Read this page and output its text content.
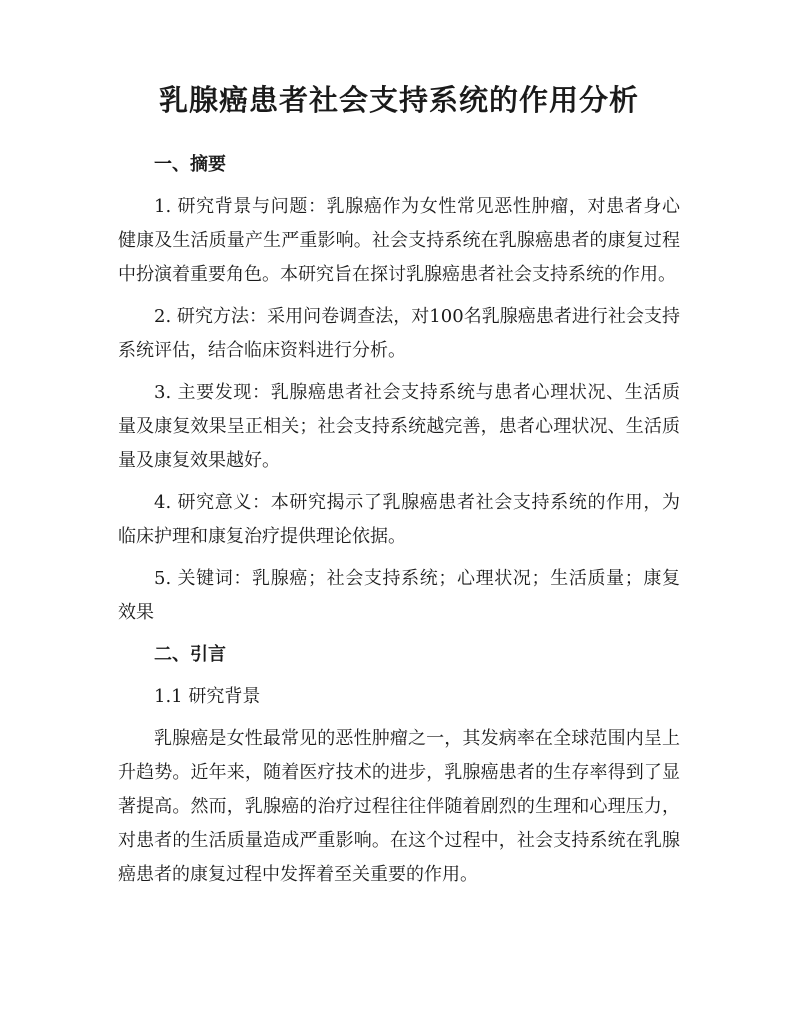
乳腺癌患者社会支持系统的作用分析
一、摘要

1. 研究背景与问题：乳腺癌作为女性常见恶性肿瘤，对患者身心健康及生活质量产生严重影响。社会支持系统在乳腺癌患者的康复过程中扮演着重要角色。本研究旨在探讨乳腺癌患者社会支持系统的作用。

2. 研究方法：采用问卷调查法，对100名乳腺癌患者进行社会支持系统评估，结合临床资料进行分析。

3. 主要发现：乳腺癌患者社会支持系统与患者心理状况、生活质量及康复效果呈正相关；社会支持系统越完善，患者心理状况、生活质量及康复效果越好。

4. 研究意义：本研究揭示了乳腺癌患者社会支持系统的作用，为临床护理和康复治疗提供理论依据。

5. 关键词：乳腺癌；社会支持系统；心理状况；生活质量；康复效果

二、引言
1.1 研究背景

乳腺癌是女性最常见的恶性肿瘤之一，其发病率在全球范围内呈上升趋势。近年来，随着医疗技术的进步，乳腺癌患者的生存率得到了显著提高。然而，乳腺癌的治疗过程往往伴随着剧烈的生理和心理压力，对患者的生活质量造成严重影响。在这个过程中，社会支持系统在乳腺癌患者的康复过程中发挥着至关重要的作用。
